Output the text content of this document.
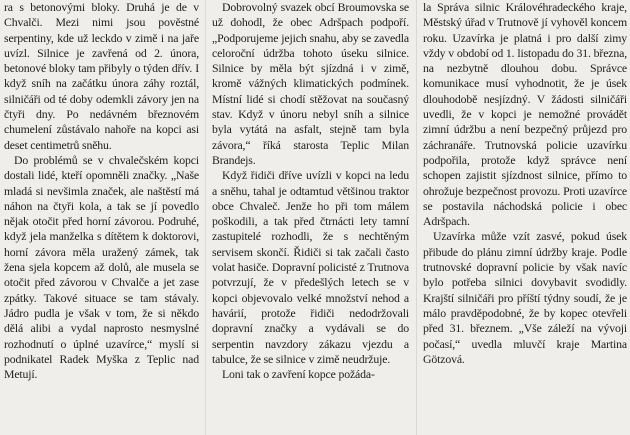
ra s betonovými bloky. Druhá je de v Chvalči. Mezi nimi jsou pověstné serpentiny, kde už leckdo v zimě i na jaře uvízl. Silnice je zavřená od 2. února, betonové bloky tam přibyly o týden dřív. I když sníh na začátku února záhy roztál, silničáři od té doby odemkli závory jen na čtyři dny. Po nedávném březnovém chumelení zůstávalo nahoře na kopci asi deset centimetrů sněhu.

Do problémů se v chvalečském kopci dostali lidé, kteří opomněli značky. „Naše mladá si nevšimla značek, ale naštěstí má náhon na čtyři kola, a tak se jí povedlo nějak otočit před horní závorou. Podruhé, když jela manželka s dítětem k doktorovi, horní závora měla uražený zámek, tak žena sjela kopcem až dolů, ale musela se otočit před závorou v Chvalče a jet zase zpátky. Takové situace se tam stávaly. Jádro pudla je však v tom, že si někdo dělá alibi a vydal naprosto nesmyslné rozhodnutí o úplné uzavírce,“ myslí si podnikatel Radek Myška z Teplic nad Metují.

Dobrovolný svazek obcí Broumovska se už dohodl, že obec Adršpach podpoří. „Podporujeme jejich snahu, aby se zavedla celoroční údržba tohoto úseku silnice. Silnice by měla být sjízdná i v zimě, kromě vážných klimatických podmínek. Místní lidé si chodí stěžovat na současný stav. Když v únoru nebyl sníh a silnice byla vytátá na asfalt, stejně tam byla závora,“ říká starosta Teplic Milan Brandejs.

Když řidiči dříve uvízli v kopci na ledu a sněhu, tahal je odtamtud většinou traktor obce Chvaleč. Jenže ho při tom málem poškodili, a tak před čtrnácti lety tamní zastupitelé rozhodli, že s nechtěným servisem skončí. Řidiči si tak začali často volat hasiče. Dopravní policisté z Trutnova potvrzují, že v předešlých letech se v kopci objevovalo velké množství nehod a havárií, protože řidiči nedodržovali dopravní značky a vydávali se do serpentin navzdory zákazu vjezdu a tabulce, že se silnice v zimě neudržuje.

Loni tak o zavření kopce požáda-

la Správa silnic Královéhradeckého kraje, Městský úřad v Trutnově jí vyhověl koncem roku. Uzavírka je platná i pro další zimy vždy v období od 1. listopadu do 31. března, na nezbytně dlouhou dobu. Správce komunikace musí vyhodnotit, že je úsek dlouhodobě nesjízdný. V žádosti silničáři uvedli, že v kopci je nemožné provádět zimní údržbu a není bezpečný průjezd pro záchranáře. Trutnovská policie uzavírku podpořila, protože když správce není schopen zajistit sjízdnost silnice, přímo to ohrožuje bezpečnost provozu. Proti uzavírce se postavila náchodská policie i obec Adršpach.

Uzavírka může vzít zasvé, pokud úsek přibude do plánu zimní údržby kraje. Podle trutnovské dopravní policie by však navíc bylo potřeba silnici dovybavit svodidly. Krajští silničáři pro příští týdny soudí, že je málo pravděpodobné, že by kopec otevřeli před 31. březnem. „Vše záleží na vývoji počasí,“ uvedla mluvčí kraje Martina Götzová.
